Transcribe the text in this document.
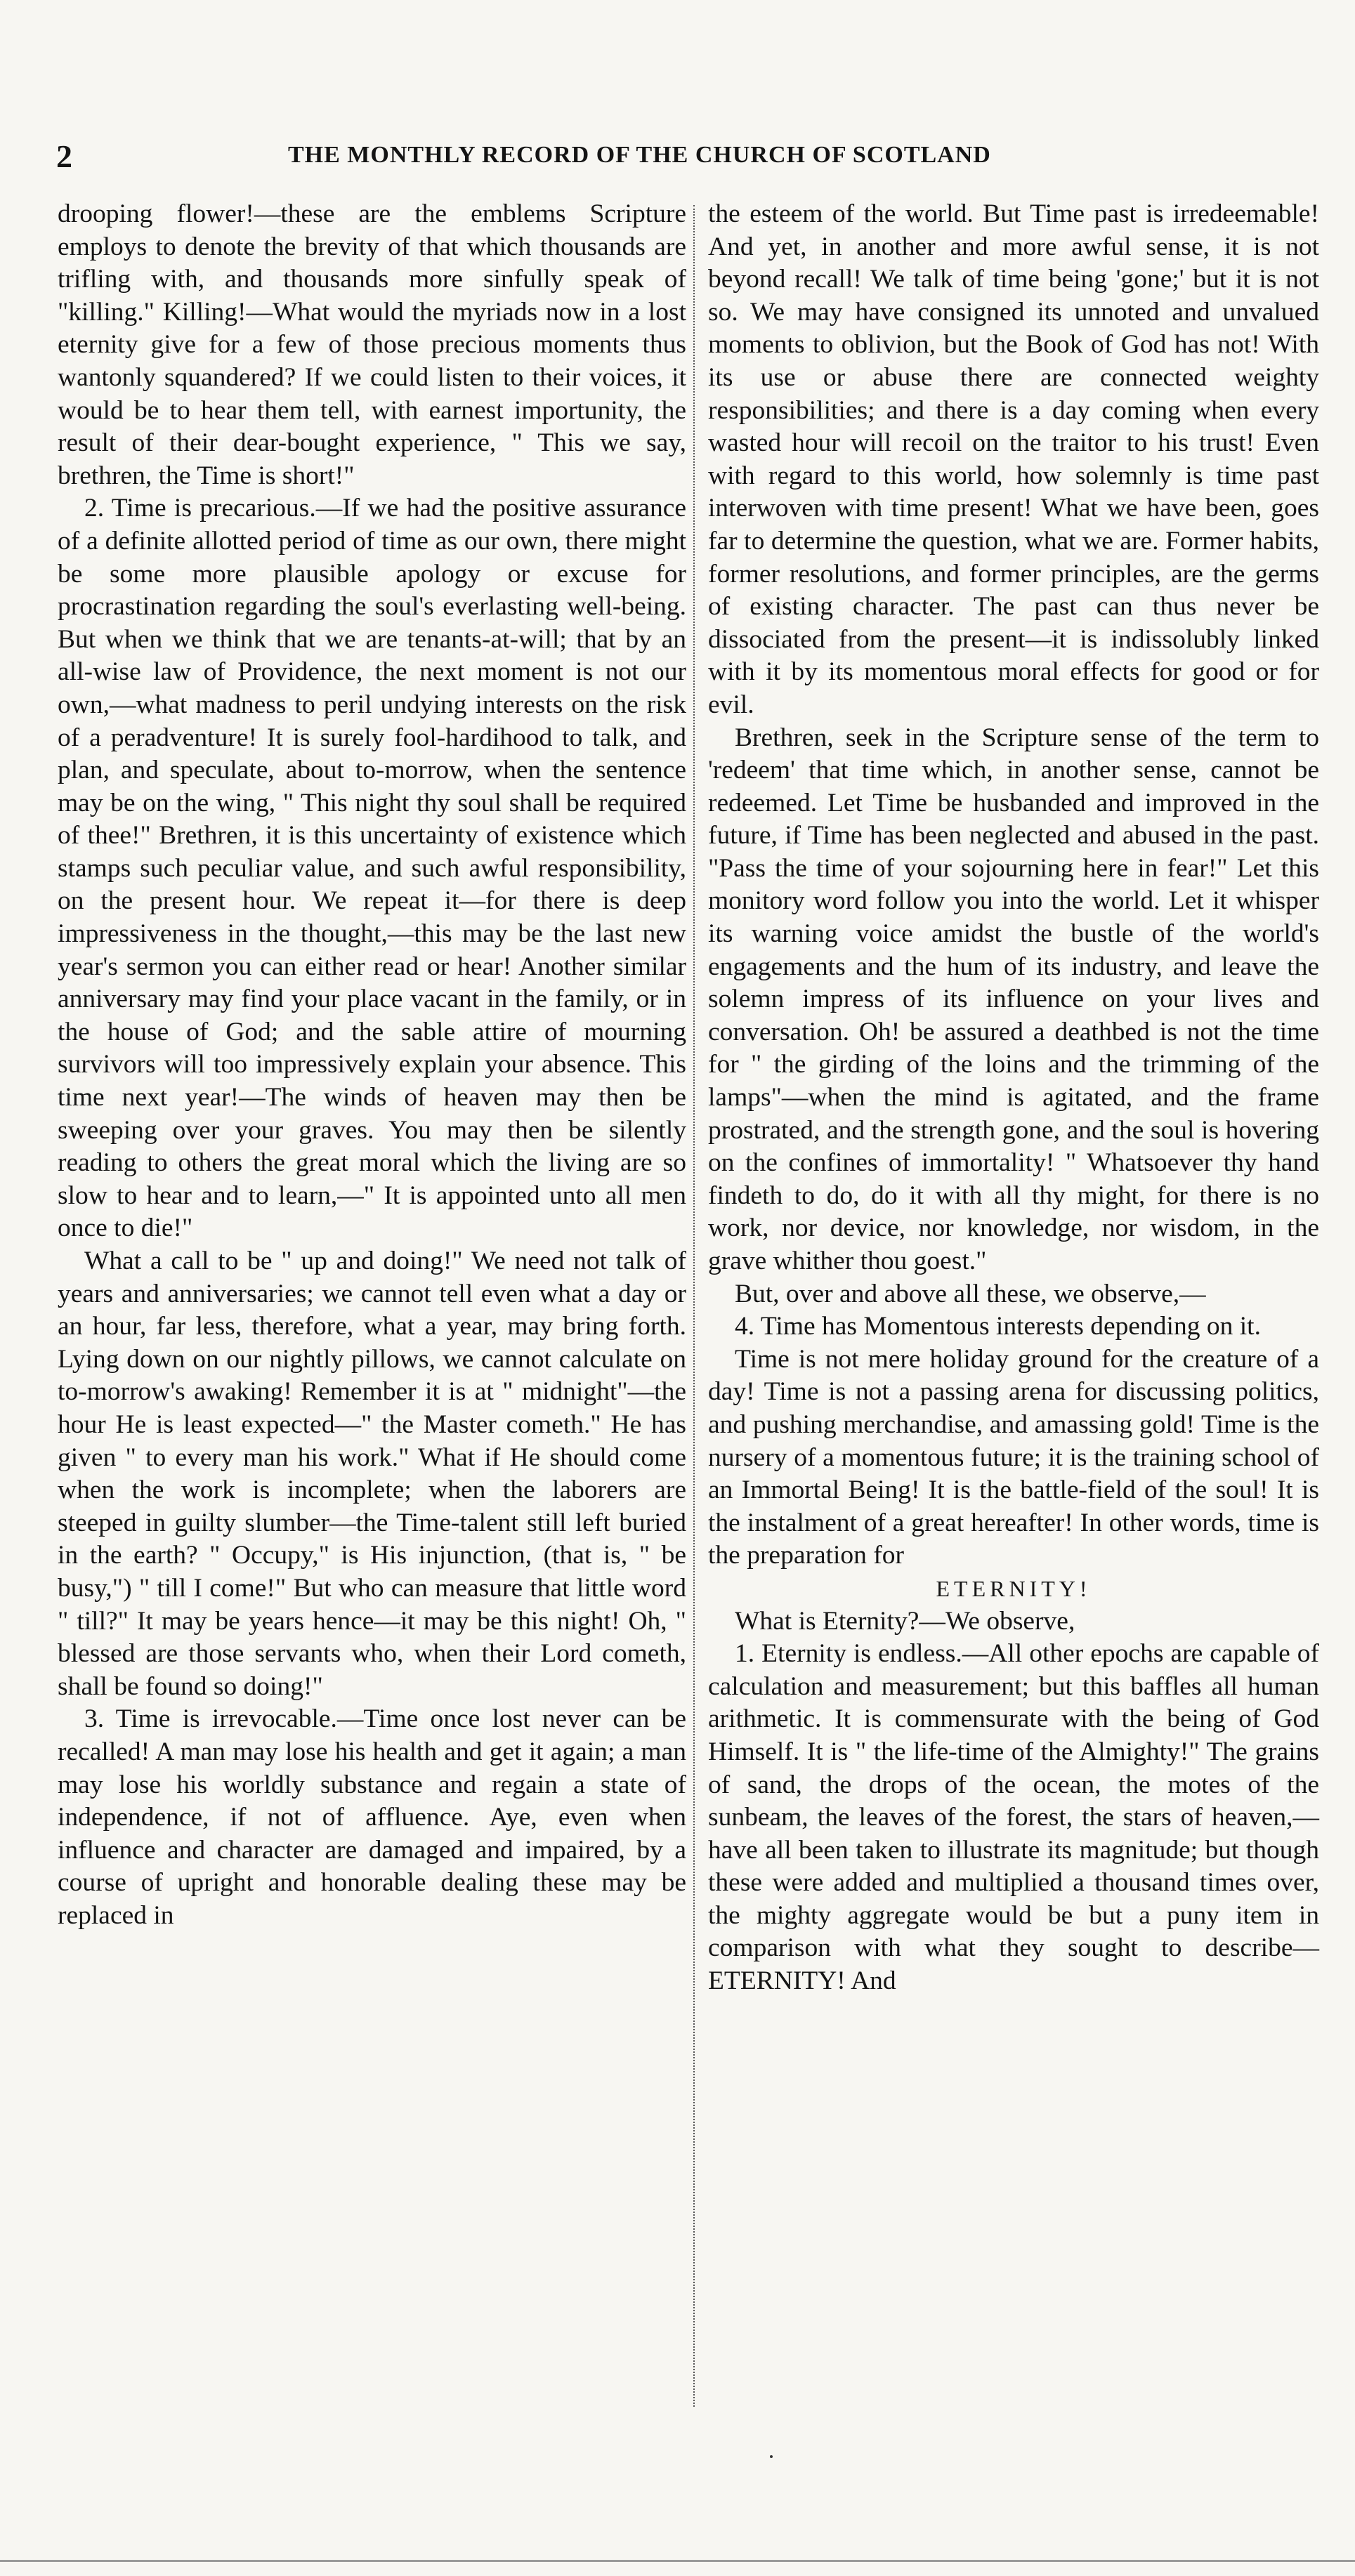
2	THE MONTHLY RECORD OF THE CHURCH OF SCOTLAND

drooping flower!—these are the emblems Scripture employs to denote the brevity of that which thousands are trifling with, and thousands more sinfully speak of "killing." Killing!—What would the myriads now in a lost eternity give for a few of those precious moments thus wantonly squandered? If we could listen to their voices, it would be to hear them tell, with earnest importunity, the result of their dear-bought experience, " This we say, brethren, the Time is short!"

2. Time is precarious.—If we had the positive assurance of a definite allotted period of time as our own, there might be some more plausible apology or excuse for procrastination regarding the soul's everlasting well-being. But when we think that we are tenants-at-will; that by an all-wise law of Providence, the next moment is not our own,—what madness to peril undying interests on the risk of a peradventure! It is surely fool-hardihood to talk, and plan, and speculate, about to-morrow, when the sentence may be on the wing, " This night thy soul shall be required of thee!" Brethren, it is this uncertainty of existence which stamps such peculiar value, and such awful responsibility, on the present hour. We repeat it—for there is deep impressiveness in the thought,—this may be the last new year's sermon you can either read or hear! Another similar anniversary may find your place vacant in the family, or in the house of God; and the sable attire of mourning survivors will too impressively explain your absence. This time next year!—The winds of heaven may then be sweeping over your graves. You may then be silently reading to others the great moral which the living are so slow to hear and to learn,—" It is appointed unto all men once to die!"

What a call to be " up and doing!" We need not talk of years and anniversaries; we cannot tell even what a day or an hour, far less, therefore, what a year, may bring forth. Lying down on our nightly pillows, we cannot calculate on to-morrow's awaking! Remember it is at " midnight"—the hour He is least expected—" the Master cometh." He has given " to every man his work." What if He should come when the work is incomplete; when the laborers are steeped in guilty slumber—the Time-talent still left buried in the earth? " Occupy," is His injunction, (that is, " be busy,") " till I come!" But who can measure that little word " till?" It may be years hence—it may be this night! Oh, " blessed are those servants who, when their Lord cometh, shall be found so doing!"

3. Time is irrevocable.—Time once lost never can be recalled! A man may lose his health and get it again; a man may lose his worldly substance and regain a state of independence, if not of affluence. Aye, even when influence and character are damaged and impaired, by a course of upright and honorable dealing these may be replaced in

the esteem of the world. But Time past is irredeemable! And yet, in another and more awful sense, it is not beyond recall! We talk of time being 'gone;' but it is not so. We may have consigned its unnoted and unvalued moments to oblivion, but the Book of God has not! With its use or abuse there are connected weighty responsibilities; and there is a day coming when every wasted hour will recoil on the traitor to his trust! Even with regard to this world, how solemnly is time past interwoven with time present! What we have been, goes far to determine the question, what we are. Former habits, former resolutions, and former principles, are the germs of existing character. The past can thus never be dissociated from the present—it is indissolubly linked with it by its momentous moral effects for good or for evil.

Brethren, seek in the Scripture sense of the term to 'redeem' that time which, in another sense, cannot be redeemed. Let Time be husbanded and improved in the future, if Time has been neglected and abused in the past. "Pass the time of your sojourning here in fear!" Let this monitory word follow you into the world. Let it whisper its warning voice amidst the bustle of the world's engagements and the hum of its industry, and leave the solemn impress of its influence on your lives and conversation. Oh! be assured a deathbed is not the time for " the girding of the loins and the trimming of the lamps"—when the mind is agitated, and the frame prostrated, and the strength gone, and the soul is hovering on the confines of immortality! " Whatsoever thy hand findeth to do, do it with all thy might, for there is no work, nor device, nor knowledge, nor wisdom, in the grave whither thou goest."

But, over and above all these, we observe,—

4. Time has Momentous interests depending on it.

Time is not mere holiday ground for the creature of a day! Time is not a passing arena for discussing politics, and pushing merchandise, and amassing gold! Time is the nursery of a momentous future; it is the training school of an Immortal Being! It is the battle-field of the soul! It is the instalment of a great hereafter! In other words, time is the preparation for

ETERNITY!

What is Eternity?—We observe,

1. Eternity is endless.—All other epochs are capable of calculation and measurement; but this baffles all human arithmetic. It is commensurate with the being of God Himself. It is " the life-time of the Almighty!" The grains of sand, the drops of the ocean, the motes of the sunbeam, the leaves of the forest, the stars of heaven,—have all been taken to illustrate its magnitude; but though these were added and multiplied a thousand times over, the mighty aggregate would be but a puny item in comparison with what they sought to describe—ETERNITY! And
